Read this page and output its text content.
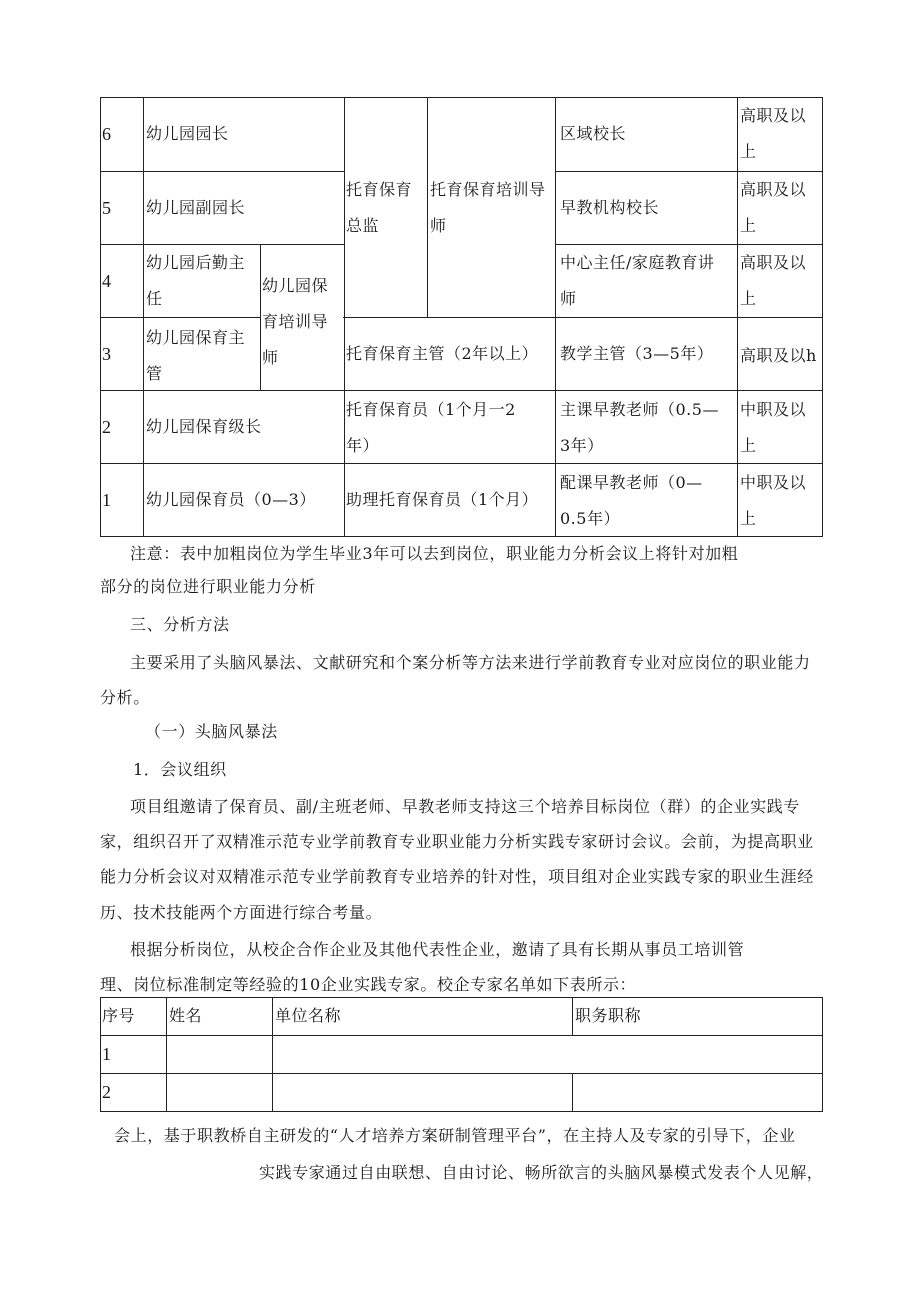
6
5
4
3
2
1
幼儿园园长
幼儿园副园长
幼儿园后勤主
任
幼儿园保育主
管
幼儿园保育级长
幼儿园保育员（0—3）
幼儿园保
育培训导
师
托育保育
总监
托育保育培训导
师
托育保育主管（2年以上）
托育保育员（1个月一2
年）
助理托育保育员（1个月）
区域校长
早教机构校长
中心主任/家庭教育讲
师
教学主管（3—5年）
主课早教老师（0.5—
3年）
配课早教老师（0—
0.5年）
高职及以
上
高职及以
上
高职及以
上
高职及以h
中职及以
上
中职及以
上
注意：表中加粗岗位为学生毕业3年可以去到岗位，职业能力分析会议上将针对加粗
部分的岗位进行职业能力分析
三、分析方法
主要采用了头脑风暴法、文献研究和个案分析等方法来进行学前教育专业对应岗位的职业能力
分析。
（一）头脑风暴法
1．会议组织
项目组邀请了保育员、副/主班老师、早教老师支持这三个培养目标岗位（群）的企业实践专
家，组织召开了双精准示范专业学前教育专业职业能力分析实践专家研讨会议。会前，为提高职业
能力分析会议对双精准示范专业学前教育专业培养的针对性，项目组对企业实践专家的职业生涯经
历、技术技能两个方面进行综合考量。
根据分析岗位，从校企合作企业及其他代表性企业，邀请了具有长期从事员工培训管
理、岗位标准制定等经验的10企业实践专家。校企专家名单如下表所示：
序号 姓名	单位名称	职务职称
1
2
会上，基于职教桥自主研发的“人才培养方案研制管理平台”，在主持人及专家的引导下，企业
实践专家通过自由联想、自由讨论、畅所欲言的头脑风暴模式发表个人见解，
